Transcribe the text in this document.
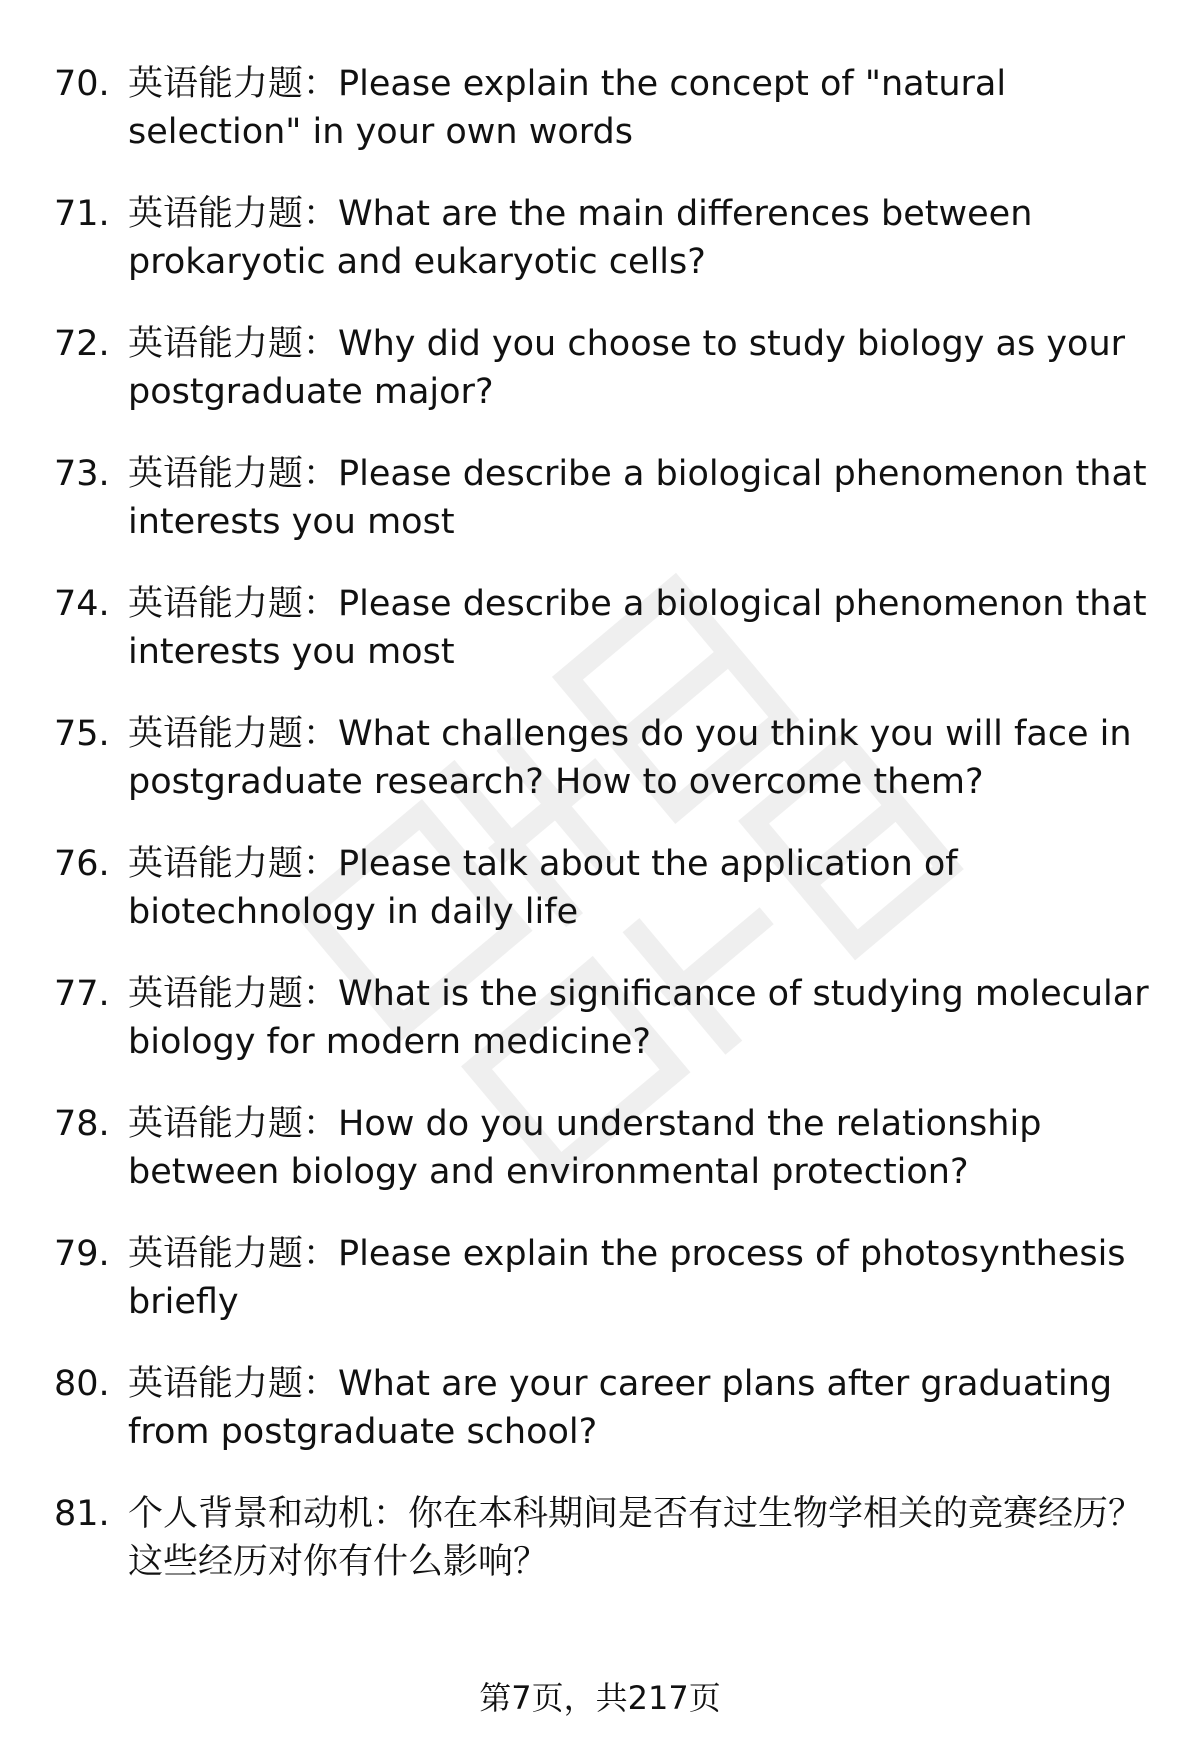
70. 英语能力题：Please explain the concept of "natural selection" in your own words
71. 英语能力题：What are the main differences between prokaryotic and eukaryotic cells?
72. 英语能力题：Why did you choose to study biology as your postgraduate major?
73. 英语能力题：Please describe a biological phenomenon that interests you most
74. 英语能力题：Please describe a biological phenomenon that interests you most
75. 英语能力题：What challenges do you think you will face in postgraduate research? How to overcome them?
76. 英语能力题：Please talk about the application of biotechnology in daily life
77. 英语能力题：What is the significance of studying molecular biology for modern medicine?
78. 英语能力题：How do you understand the relationship between biology and environmental protection?
79. 英语能力题：Please explain the process of photosynthesis briefly
80. 英语能力题：What are your career plans after graduating from postgraduate school?
81. 个人背景和动机：你在本科期间是否有过生物学相关的竞赛经历？这些经历对你有什么影响？
第7页，共217页
